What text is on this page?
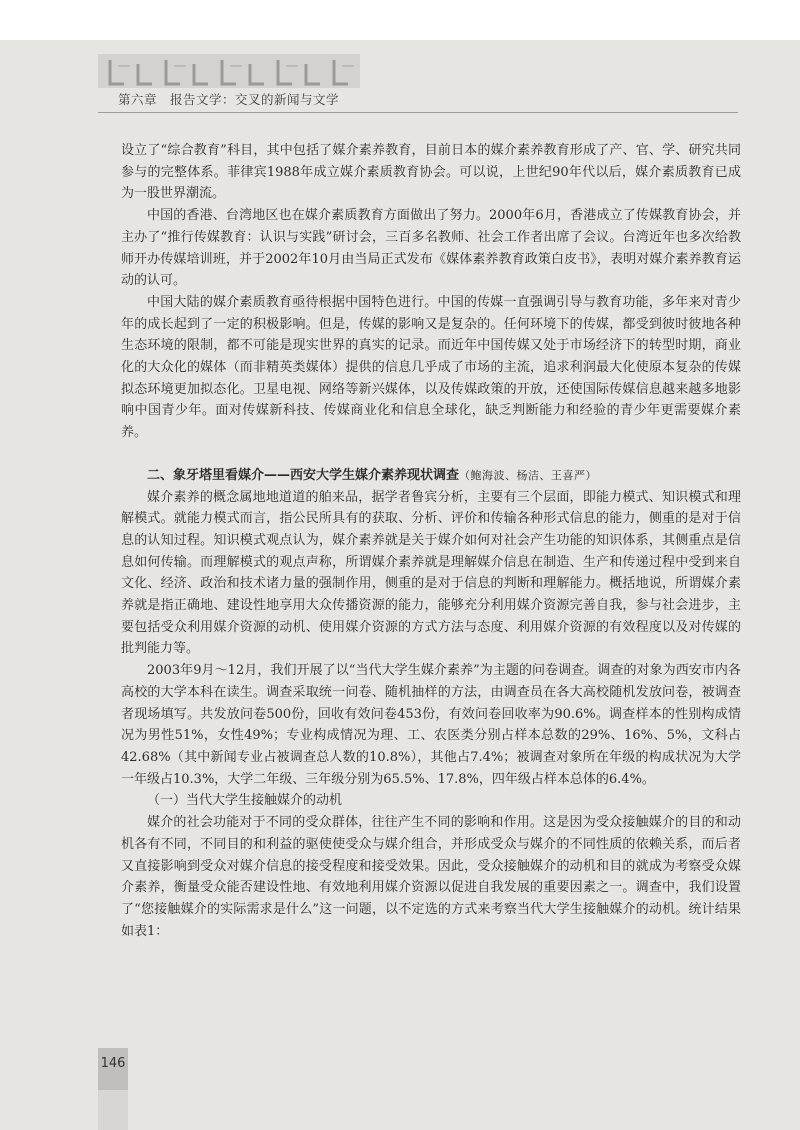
第六章　报告文学：交叉的新闻与文学

设立了“综合教育”科目，其中包括了媒介素养教育，目前日本的媒介素养教育形成了产、官、学、研究共同参与的完整体系。菲律宾1988年成立媒介素质教育协会。可以说，上世纪90年代以后，媒介素质教育已成为一股世界潮流。

中国的香港、台湾地区也在媒介素质教育方面做出了努力。2000年6月，香港成立了传媒教育协会，并主办了“推行传媒教育：认识与实践”研讨会，三百多名教师、社会工作者出席了会议。台湾近年也多次给教师开办传媒培训班，并于2002年10月由当局正式发布《媒体素养教育政策白皮书》，表明对媒介素养教育运动的认可。

中国大陆的媒介素质教育亟待根据中国特色进行。中国的传媒一直强调引导与教育功能，多年来对青少年的成长起到了一定的积极影响。但是，传媒的影响又是复杂的。任何环境下的传媒，都受到彼时彼地各种生态环境的限制，都不可能是现实世界的真实的记录。而近年中国传媒又处于市场经济下的转型时期，商业化的大众化的媒体（而非精英类媒体）提供的信息几乎成了市场的主流，追求利润最大化使原本复杂的传媒拟态环境更加拟态化。卫星电视、网络等新兴媒体，以及传媒政策的开放，还使国际传媒信息越来越多地影响中国青少年。面对传媒新科技、传媒商业化和信息全球化，缺乏判断能力和经验的青少年更需要媒介素养。

二、象牙塔里看媒介——西安大学生媒介素养现状调查（鲍海波、杨洁、王喜严）

媒介素养的概念属地地道道的舶来品，据学者鲁宾分析，主要有三个层面，即能力模式、知识模式和理解模式。就能力模式而言，指公民所具有的获取、分析、评价和传输各种形式信息的能力，侧重的是对于信息的认知过程。知识模式观点认为，媒介素养就是关于媒介如何对社会产生功能的知识体系，其侧重点是信息如何传输。而理解模式的观点声称，所谓媒介素养就是理解媒介信息在制造、生产和传递过程中受到来自文化、经济、政治和技术诸力量的强制作用，侧重的是对于信息的判断和理解能力。概括地说，所谓媒介素养就是指正确地、建设性地享用大众传播资源的能力，能够充分利用媒介资源完善自我，参与社会进步，主要包括受众利用媒介资源的动机、使用媒介资源的方式方法与态度、利用媒介资源的有效程度以及对传媒的批判能力等。

2003年9月～12月，我们开展了以“当代大学生媒介素养”为主题的问卷调查。调查的对象为西安市内各高校的大学本科在读生。调查采取统一问卷、随机抽样的方法，由调查员在各大高校随机发放问卷，被调查者现场填写。共发放问卷500份，回收有效问卷453份，有效问卷回收率为90.6%。调查样本的性别构成情况为男性51%，女性49%；专业构成情况为理、工、农医类分别占样本总数的29%、16%、5%，文科占42.68%（其中新闻专业占被调查总人数的10.8%），其他占7.4%；被调查对象所在年级的构成状况为大学一年级占10.3%，大学二年级、三年级分别为65.5%、17.8%，四年级占样本总体的6.4%。

（一）当代大学生接触媒介的动机

媒介的社会功能对于不同的受众群体，往往产生不同的影响和作用。这是因为受众接触媒介的目的和动机各有不同，不同目的和利益的驱使使受众与媒介组合，并形成受众与媒介的不同性质的依赖关系，而后者又直接影响到受众对媒介信息的接受程度和接受效果。因此，受众接触媒介的动机和目的就成为考察受众媒介素养，衡量受众能否建设性地、有效地利用媒介资源以促进自我发展的重要因素之一。调查中，我们设置了“您接触媒介的实际需求是什么”这一问题，以不定选的方式来考察当代大学生接触媒介的动机。统计结果如表1：

146
